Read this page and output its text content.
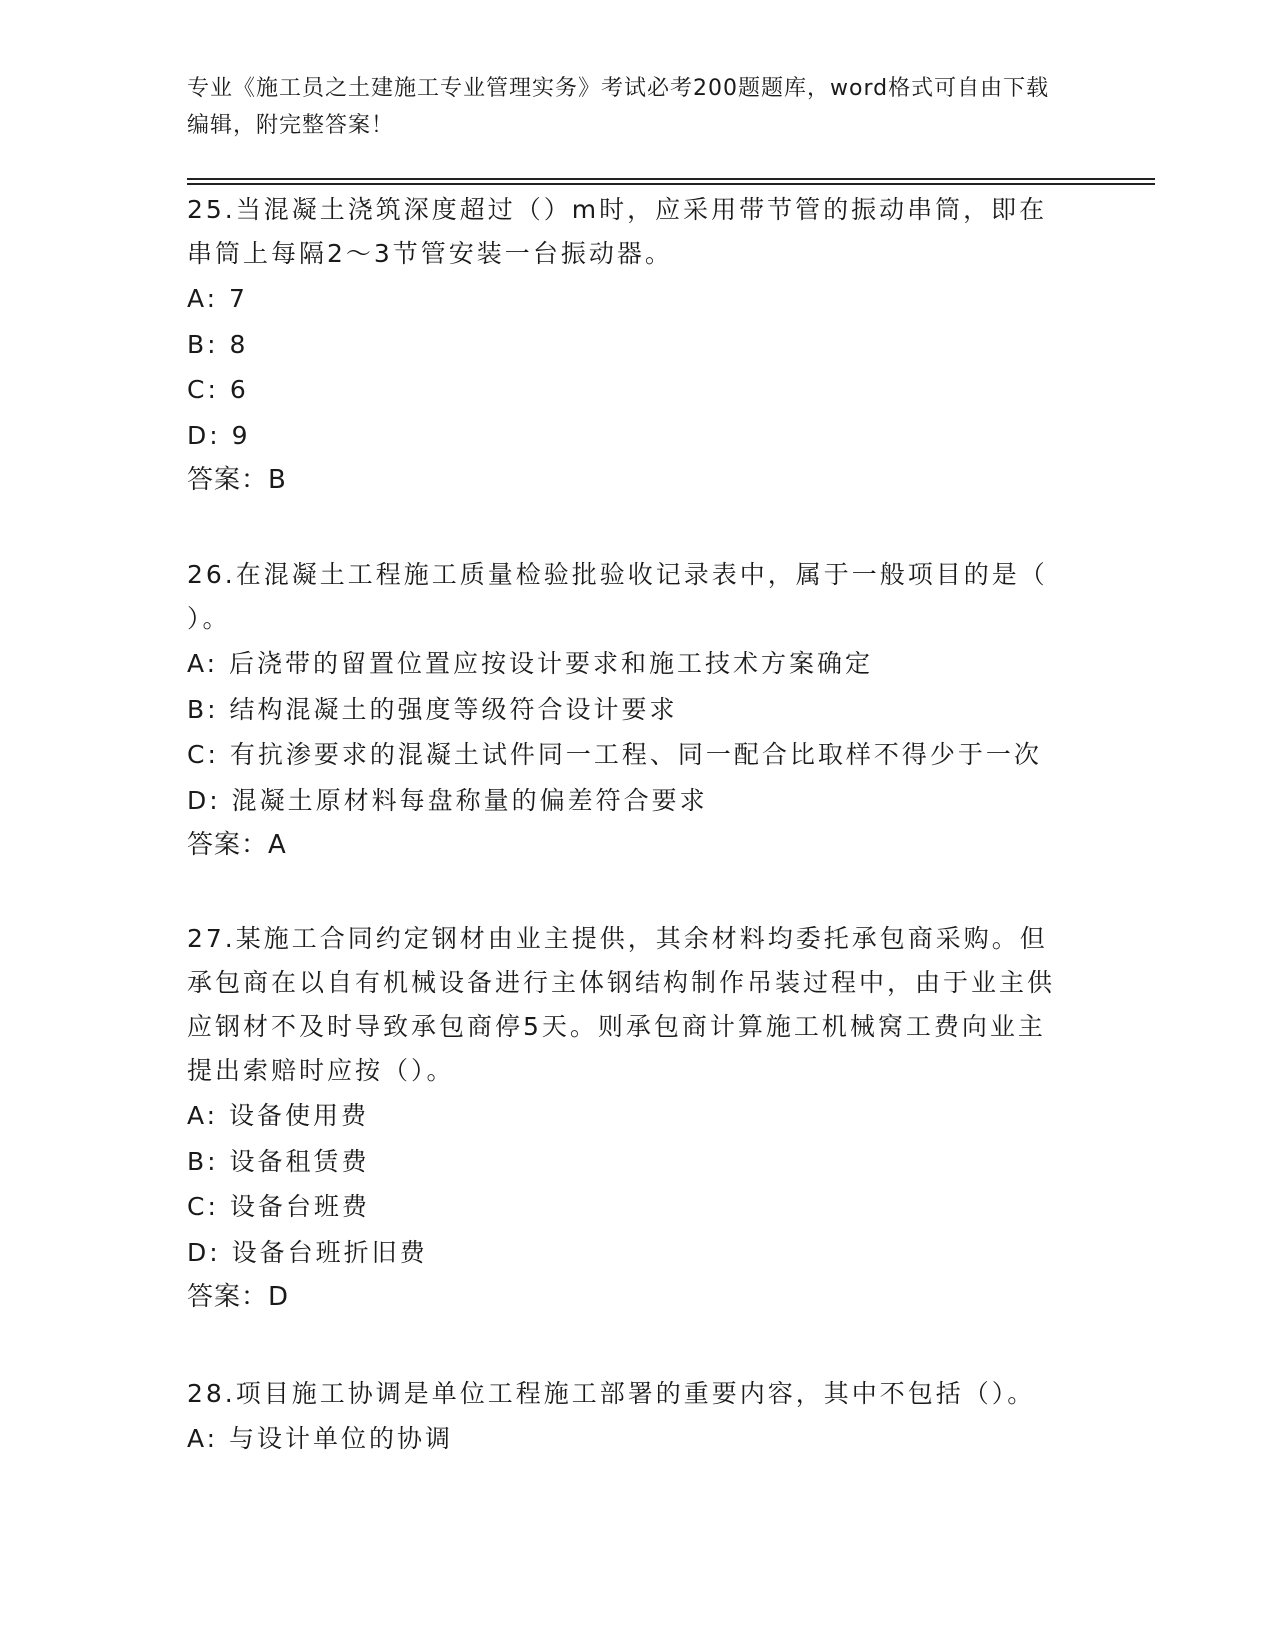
专业《施工员之土建施工专业管理实务》考试必考200题题库，word格式可自由下载编辑，附完整答案！
25.当混凝土浇筑深度超过（）m时，应采用带节管的振动串筒，即在串筒上每隔2～3节管安装一台振动器。
A: 7
B: 8
C: 6
D: 9
答案：B
26.在混凝土工程施工质量检验批验收记录表中，属于一般项目的是（ ）。
A: 后浇带的留置位置应按设计要求和施工技术方案确定
B: 结构混凝土的强度等级符合设计要求
C: 有抗渗要求的混凝土试件同一工程、同一配合比取样不得少于一次
D: 混凝土原材料每盘称量的偏差符合要求
答案：A
27.某施工合同约定钢材由业主提供，其余材料均委托承包商采购。但承包商在以自有机械设备进行主体钢结构制作吊装过程中，由于业主供应钢材不及时导致承包商停5天。则承包商计算施工机械窝工费向业主提出索赔时应按（）。
A: 设备使用费
B: 设备租赁费
C: 设备台班费
D: 设备台班折旧费
答案：D
28.项目施工协调是单位工程施工部署的重要内容，其中不包括（）。
A: 与设计单位的协调
